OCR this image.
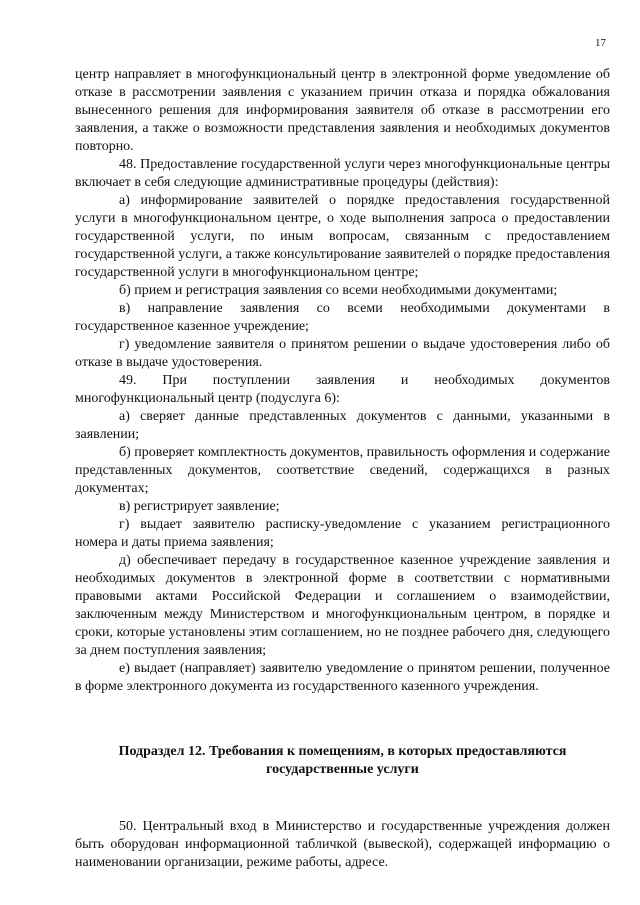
17

центр направляет в многофункциональный центр в электронной форме уведомление об отказе в рассмотрении заявления с указанием причин отказа и порядка обжалования вынесенного решения для информирования заявителя об отказе в рассмотрении его заявления, а также о возможности представления заявления и необходимых документов повторно.

48. Предоставление государственной услуги через многофункциональные центры включает в себя следующие административные процедуры (действия):

а) информирование заявителей о порядке предоставления государственной услуги в многофункциональном центре, о ходе выполнения запроса о предоставлении государственной услуги, по иным вопросам, связанным с предоставлением государственной услуги, а также консультирование заявителей о порядке предоставления государственной услуги в многофункциональном центре;

б) прием и регистрация заявления со всеми необходимыми документами;

в) направление заявления со всеми необходимыми документами в государственное казенное учреждение;

г) уведомление заявителя о принятом решении о выдаче удостоверения либо об отказе в выдаче удостоверения.

49. При поступлении заявления и необходимых документов многофункциональный центр (подуслуга 6):

а) сверяет данные представленных документов с данными, указанными в заявлении;

б) проверяет комплектность документов, правильность оформления и содержание представленных документов, соответствие сведений, содержащихся в разных документах;

в) регистрирует заявление;

г) выдает заявителю расписку-уведомление с указанием регистрационного номера и даты приема заявления;

д) обеспечивает передачу в государственное казенное учреждение заявления и необходимых документов в электронной форме в соответствии с нормативными правовыми актами Российской Федерации и соглашением о взаимодействии, заключенным между Министерством и многофункциональным центром, в порядке и сроки, которые установлены этим соглашением, но не позднее рабочего дня, следующего за днем поступления заявления;

е) выдает (направляет) заявителю уведомление о принятом решении, полученное в форме электронного документа из государственного казенного учреждения.

Подраздел 12. Требования к помещениям, в которых предоставляются
государственные услуги

50. Центральный вход в Министерство и государственные учреждения должен быть оборудован информационной табличкой (вывеской), содержащей информацию о наименовании организации, режиме работы, адресе.
